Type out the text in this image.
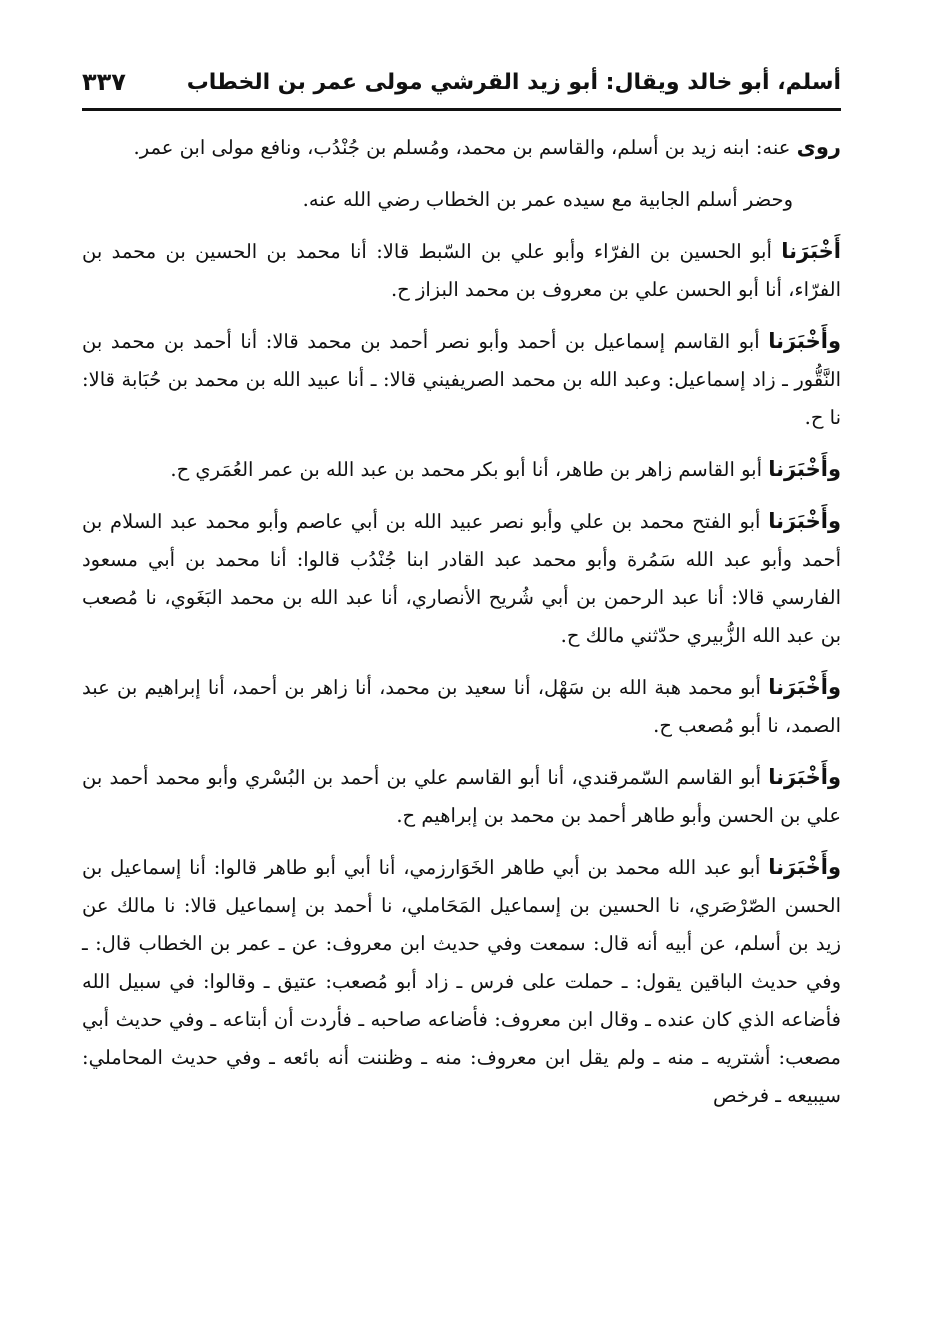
أسلم، أبو خالد ويقال: أبو زيد القرشي مولى عمر بن الخطاب
٣٣٧

روى عنه: ابنه زيد بن أسلم، والقاسم بن محمد، ومُسلم بن جُنْدُب، ونافع مولى ابن عمر.

وحضر أسلم الجابية مع سيده عمر بن الخطاب رضي الله عنه.

أَخْبَرَنا أبو الحسين بن الفرّاء وأبو علي بن السّبط قالا: أنا محمد بن الحسين بن محمد بن الفرّاء، أنا أبو الحسن علي بن معروف بن محمد البزاز ح.

وأَخْبَرَنا أبو القاسم إسماعيل بن أحمد وأبو نصر أحمد بن محمد قالا: أنا أحمد بن محمد بن النَّقُّور ـ زاد إسماعيل: وعبد الله بن محمد الصريفيني قالا: ـ أنا عبيد الله بن محمد بن حُبَابة قالا: نا ح.

وأَخْبَرَنا أبو القاسم زاهر بن طاهر، أنا أبو بكر محمد بن عبد الله بن عمر العُمَري ح.

وأَخْبَرَنا أبو الفتح محمد بن علي وأبو نصر عبيد الله بن أبي عاصم وأبو محمد عبد السلام بن أحمد وأبو عبد الله سَمُرة وأبو محمد عبد القادر ابنا جُنْدُب قالوا: أنا محمد بن أبي مسعود الفارسي قالا: أنا عبد الرحمن بن أبي شُريح الأنصاري، أنا عبد الله بن محمد البَغَوي، نا مُصعب بن عبد الله الزُّبيري حدّثني مالك ح.

وأَخْبَرَنا أبو محمد هبة الله بن سَهْل، أنا سعيد بن محمد، أنا زاهر بن أحمد، أنا إبراهيم بن عبد الصمد، نا أبو مُصعب ح.

وأَخْبَرَنا أبو القاسم السّمرقندي، أنا أبو القاسم علي بن أحمد بن البُسْري وأبو محمد أحمد بن علي بن الحسن وأبو طاهر أحمد بن محمد بن إبراهيم ح.

وأَخْبَرَنا أبو عبد الله محمد بن أبي طاهر الخَوَارزمي، أنا أبي أبو طاهر قالوا: أنا إسماعيل بن الحسن الصّرْصَري، نا الحسين بن إسماعيل المَحَاملي، نا أحمد بن إسماعيل قالا: نا مالك عن زيد بن أسلم، عن أبيه أنه قال: سمعت وفي حديث ابن معروف: عن ـ عمر بن الخطاب قال: ـ وفي حديث الباقين يقول: ـ حملت على فرس ـ زاد أبو مُصعب: عتيق ـ وقالوا: في سبيل الله فأضاعه الذي كان عنده ـ وقال ابن معروف: فأضاعه صاحبه ـ فأردت أن أبتاعه ـ وفي حديث أبي مصعب: أشتريه ـ منه ـ ولم يقل ابن معروف: منه ـ وظننت أنه بائعه ـ وفي حديث المحاملي: سيبيعه ـ فرخص
